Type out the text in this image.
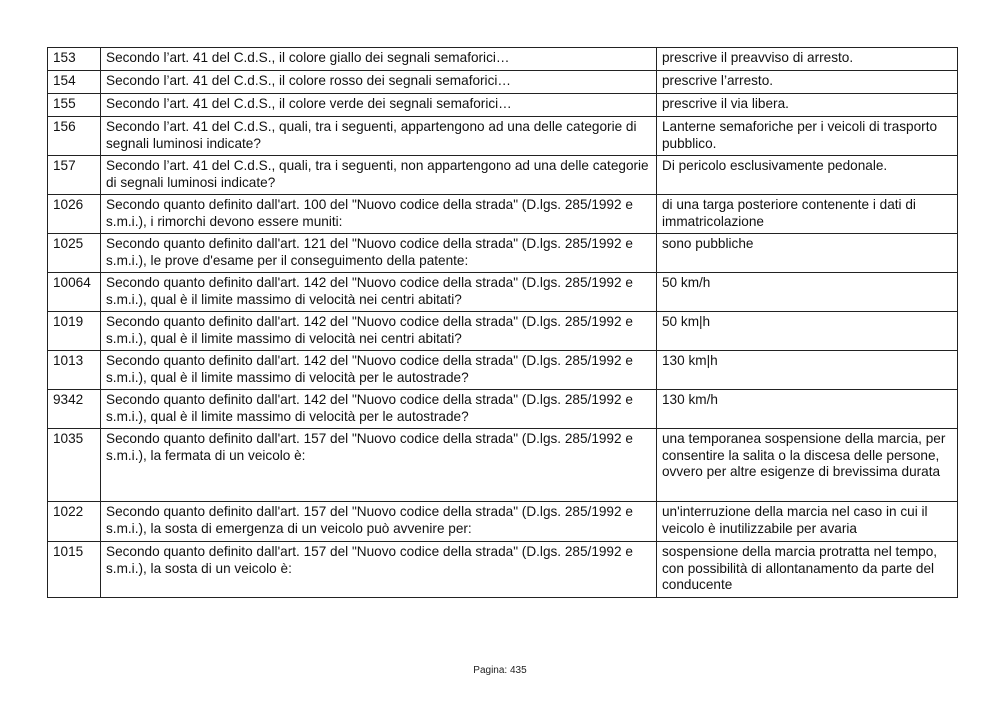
153	Secondo l’art. 41 del C.d.S., il colore giallo dei segnali semaforici…	prescrive il preavviso di arresto.
154	Secondo l’art. 41 del C.d.S., il colore rosso dei segnali semaforici…	prescrive l’arresto.
155	Secondo l’art. 41 del C.d.S., il colore verde dei segnali semaforici…	prescrive il via libera.
156	Secondo l’art. 41 del C.d.S., quali, tra i seguenti, appartengono ad una delle categorie di segnali luminosi indicate?	Lanterne semaforiche per i veicoli di trasporto pubblico.
157	Secondo l’art. 41 del C.d.S., quali, tra i seguenti, non appartengono ad una delle categorie di segnali luminosi indicate?	Di pericolo esclusivamente pedonale.
1026	Secondo quanto definito dall'art. 100 del "Nuovo codice della strada" (D.lgs. 285/1992 e s.m.i.), i rimorchi devono essere muniti:	di una targa posteriore contenente i dati di immatricolazione
1025	Secondo quanto definito dall'art. 121 del "Nuovo codice della strada" (D.lgs. 285/1992 e s.m.i.), le prove d'esame per il conseguimento della patente:	sono pubbliche
10064	Secondo quanto definito dall'art. 142 del "Nuovo codice della strada" (D.lgs. 285/1992 e s.m.i.), qual è il limite massimo di velocità nei centri abitati?	50 km/h
1019	Secondo quanto definito dall'art. 142 del "Nuovo codice della strada" (D.lgs. 285/1992 e s.m.i.), qual è il limite massimo di velocità nei centri abitati?	50 km|h
1013	Secondo quanto definito dall'art. 142 del "Nuovo codice della strada" (D.lgs. 285/1992 e s.m.i.), qual è il limite massimo di velocità per le autostrade?	130 km|h
9342	Secondo quanto definito dall'art. 142 del "Nuovo codice della strada" (D.lgs. 285/1992 e s.m.i.), qual è il limite massimo di velocità per le autostrade?	130 km/h
1035	Secondo quanto definito dall'art. 157 del "Nuovo codice della strada" (D.lgs. 285/1992 e s.m.i.), la fermata di un veicolo è:	una temporanea sospensione della marcia, per consentire la salita o la discesa delle persone, ovvero per altre esigenze di brevissima durata
1022	Secondo quanto definito dall'art. 157 del "Nuovo codice della strada" (D.lgs. 285/1992 e s.m.i.), la sosta di emergenza di un veicolo può avvenire per:	un'interruzione della marcia nel caso in cui il veicolo è inutilizzabile per avaria
1015	Secondo quanto definito dall'art. 157 del "Nuovo codice della strada" (D.lgs. 285/1992 e s.m.i.), la sosta di un veicolo è:	sospensione della marcia protratta nel tempo, con possibilità di allontanamento da parte del conducente
Pagina: 435
